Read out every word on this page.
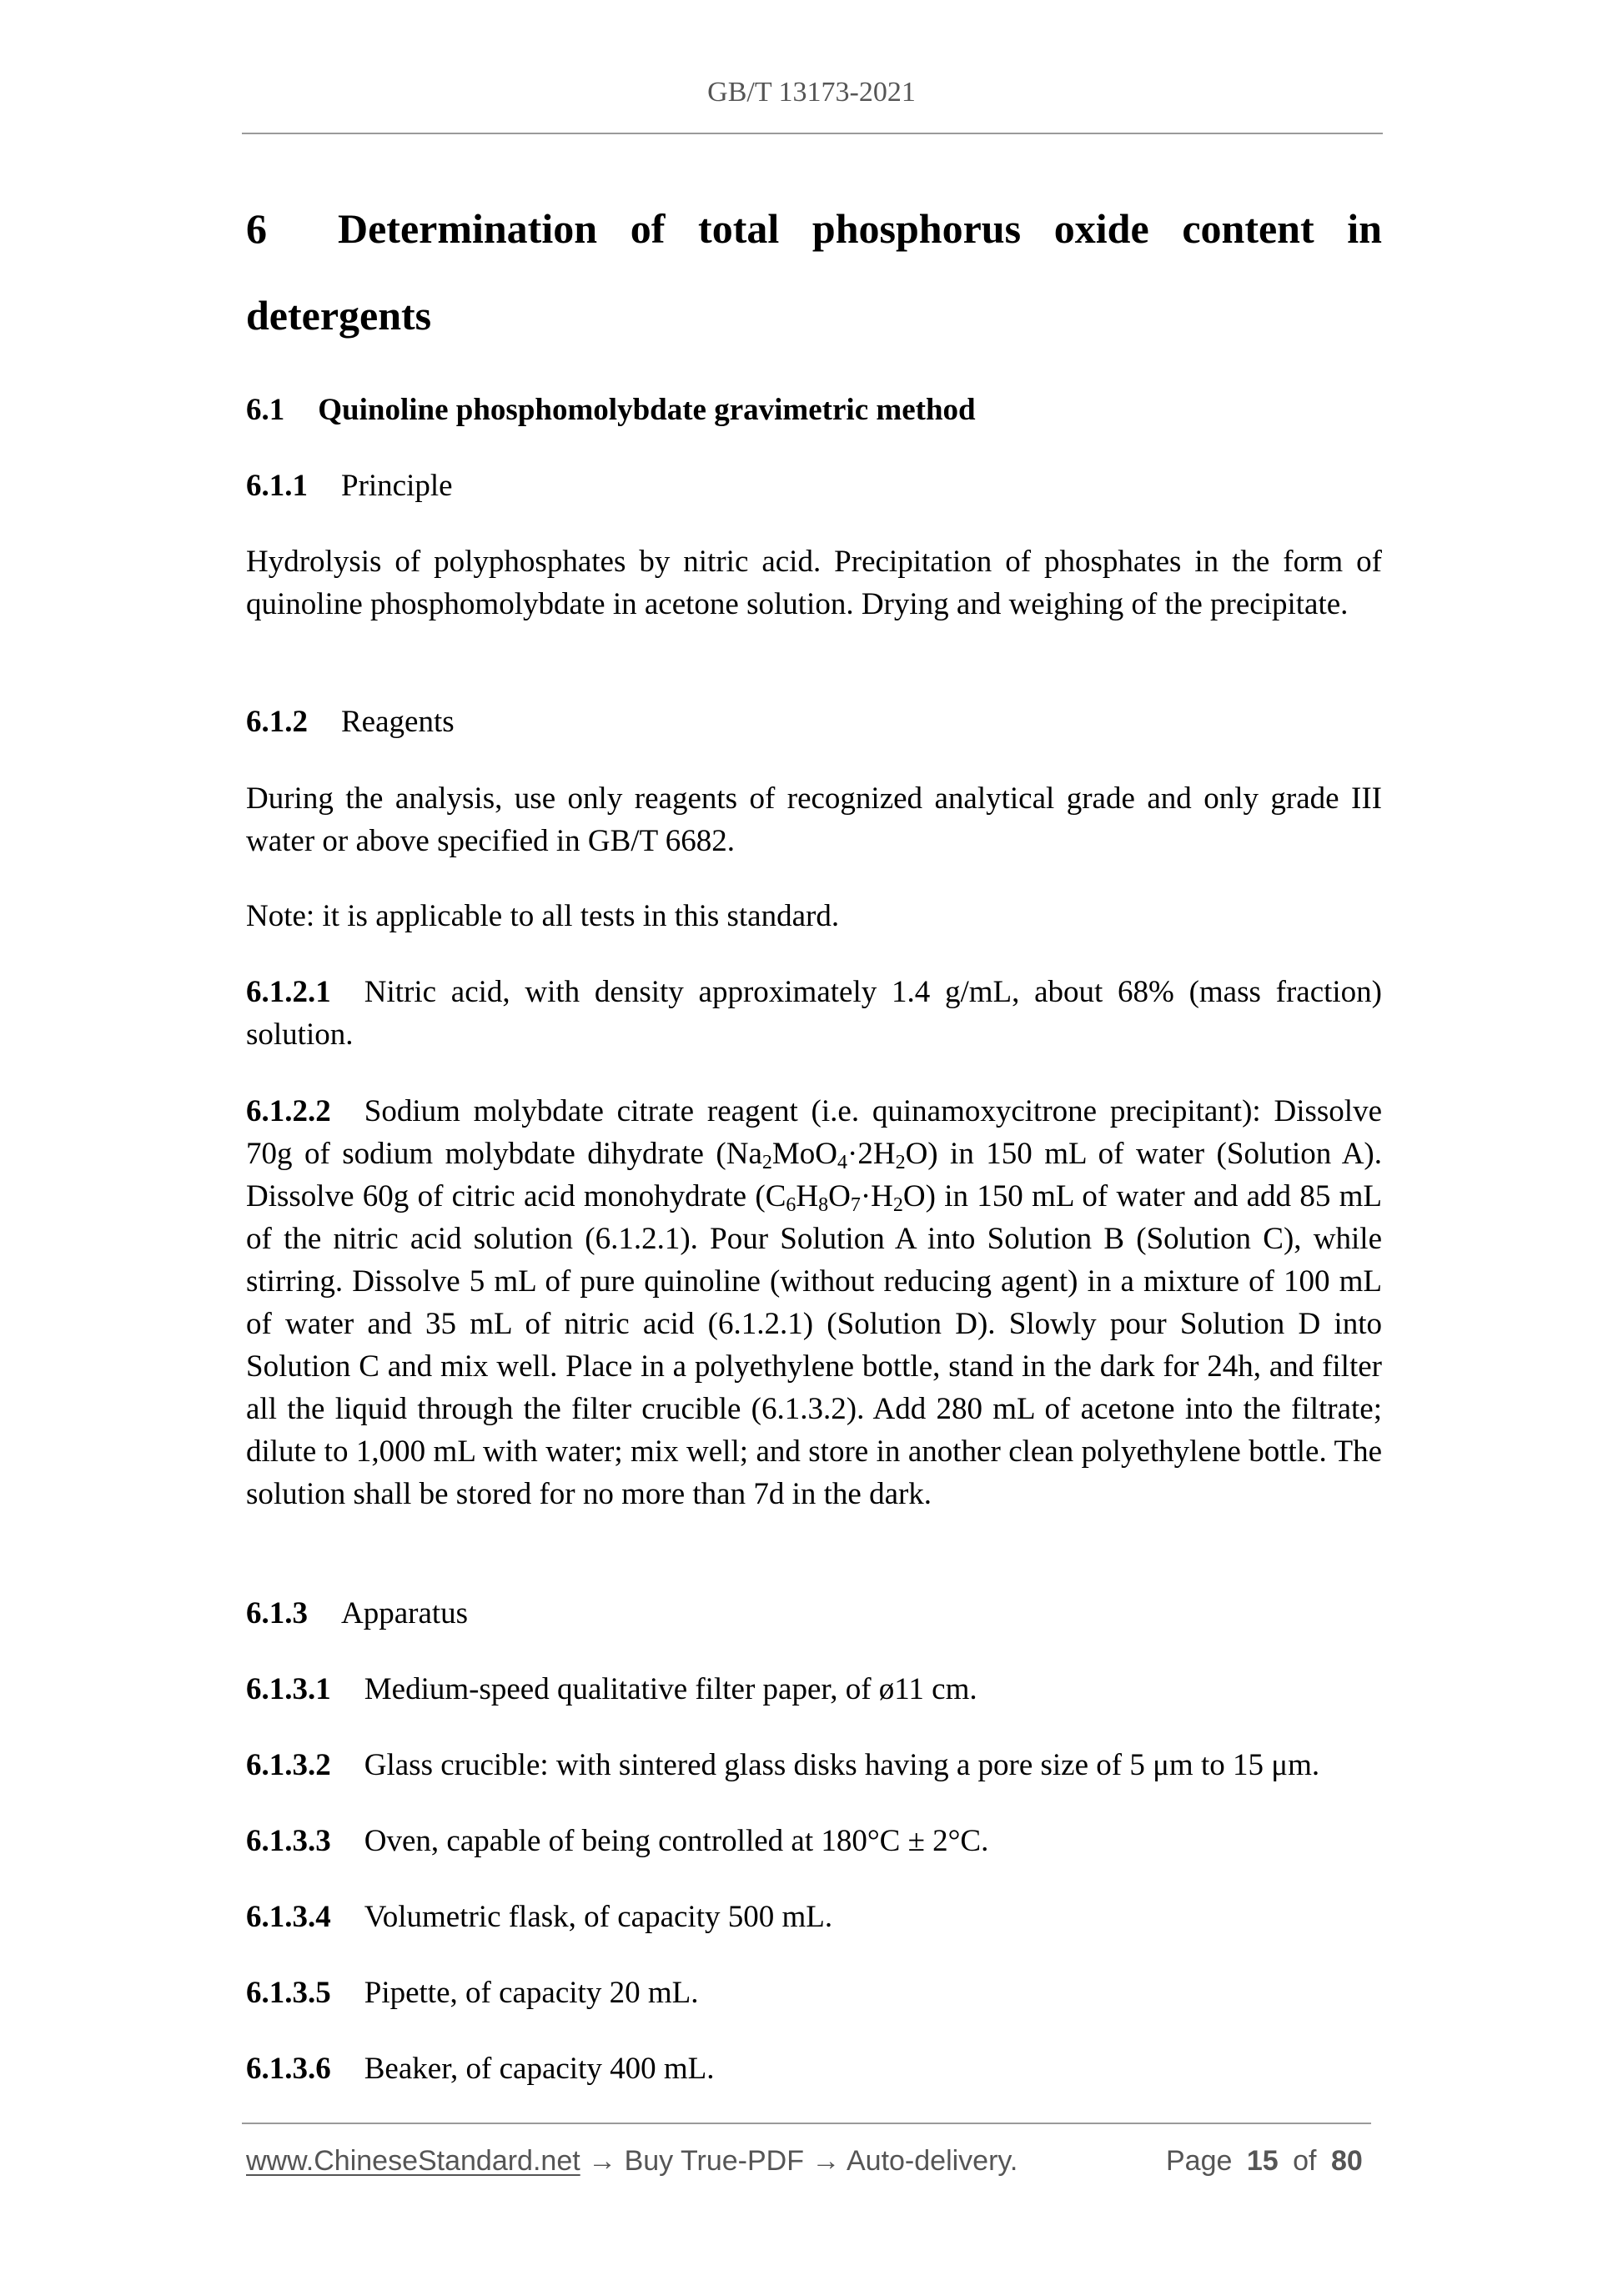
GB/T 13173-2021
6 Determination of total phosphorus oxide content in
detergents
6.1 Quinoline phosphomolybdate gravimetric method
6.1.1 Principle
Hydrolysis of polyphosphates by nitric acid. Precipitation of phosphates in the form of quinoline phosphomolybdate in acetone solution. Drying and weighing of the precipitate.
6.1.2 Reagents
During the analysis, use only reagents of recognized analytical grade and only grade III water or above specified in GB/T 6682.
Note: it is applicable to all tests in this standard.
6.1.2.1 Nitric acid, with density approximately 1.4 g/mL, about 68% (mass fraction) solution.
6.1.2.2 Sodium molybdate citrate reagent (i.e. quinamoxycitrone precipitant): Dissolve 70g of sodium molybdate dihydrate $(Na_2MoO_4\cdot 2H_2O)$ in 150 mL of water (Solution A). Dissolve 60g of citric acid monohydrate $(C_6H_8O_7\cdot H_2O)$ in 150 mL of water and add 85 mL of the nitric acid solution (6.1.2.1). Pour Solution A into Solution B (Solution C), while stirring. Dissolve 5 mL of pure quinoline (without reducing agent) in a mixture of 100 mL of water and 35 mL of nitric acid (6.1.2.1) (Solution D). Slowly pour Solution D into Solution C and mix well. Place in a polyethylene bottle, stand in the dark for 24h, and filter all the liquid through the filter crucible (6.1.3.2). Add 280 mL of acetone into the filtrate; dilute to 1,000 mL with water; mix well; and store in another clean polyethylene bottle. The solution shall be stored for no more than 7d in the dark.
6.1.3 Apparatus
6.1.3.1 Medium-speed qualitative filter paper, of ø11 cm.
6.1.3.2 Glass crucible: with sintered glass disks having a pore size of 5 μm to 15 μm.
6.1.3.3 Oven, capable of being controlled at 180°C ± 2°C.
6.1.3.4 Volumetric flask, of capacity 500 mL.
6.1.3.5 Pipette, of capacity 20 mL.
6.1.3.6 Beaker, of capacity 400 mL.
www.ChineseStandard.net → Buy True-PDF → Auto-delivery.	Page 15 of 80
